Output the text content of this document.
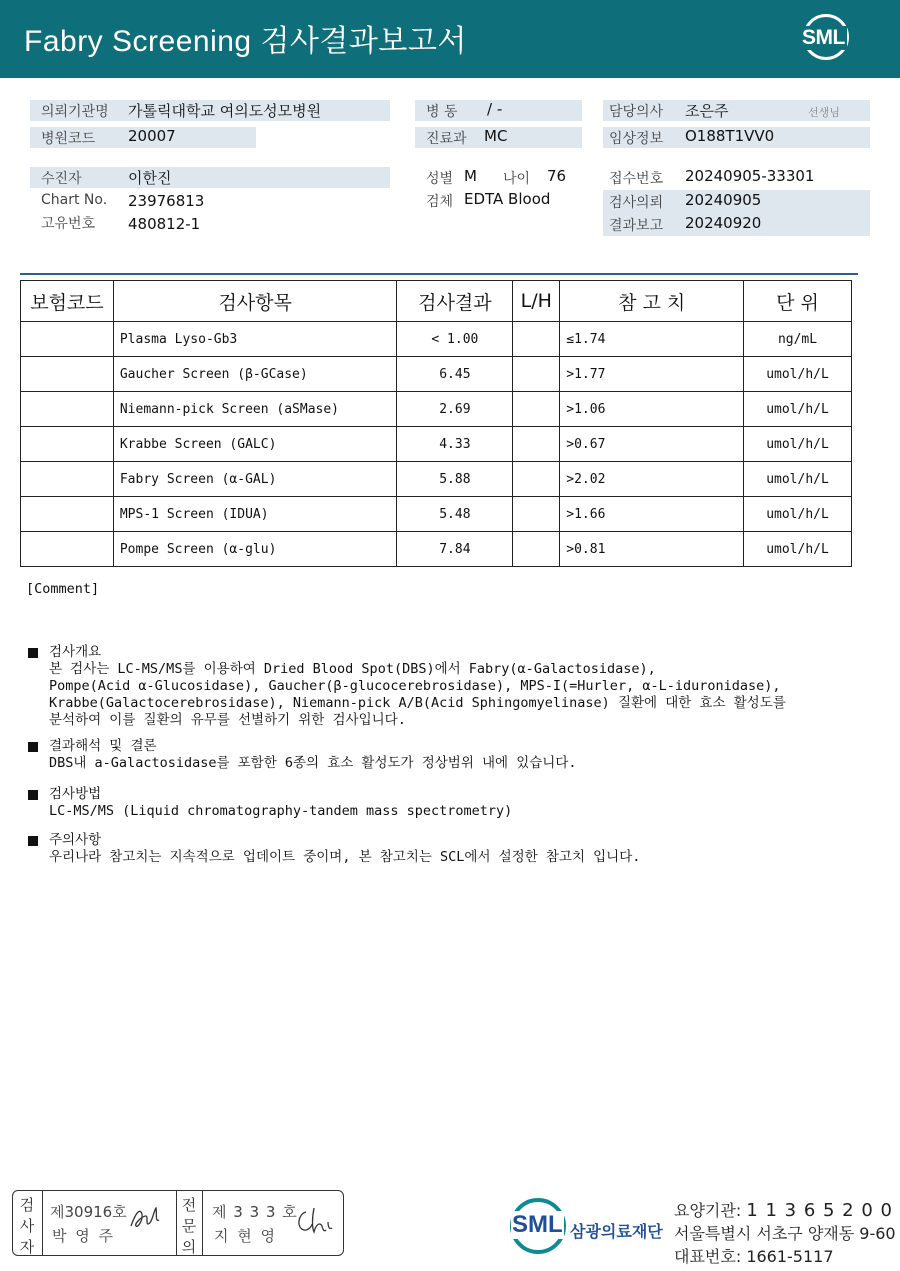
Fabry Screening 검사결과보고서	SML
의뢰기관명 가톨릭대학교 여의도성모병원
병원코드 20007
수진자	이한진
Chart No. 23976813
고유번호 480812-1
병 동 / -
진료과 MC
성별 M 나이 76
검체 EDTA Blood
담당의사 조은주	선생님
임상정보 O188T1VV0
접수번호 20240905-33301
검사의뢰 20240905
결과보고 20240920
보험코드	검사항목	검사결과	L/H	참 고 치	단 위
	Plasma Lyso-Gb3	< 1.00		≤1.74	ng/mL
	Gaucher Screen (β-GCase)	6.45		>1.77	umol/h/L
	Niemann-pick Screen (aSMase)	2.69		>1.06	umol/h/L
	Krabbe Screen (GALC)	4.33		>0.67	umol/h/L
	Fabry Screen (α-GAL)	5.88		>2.02	umol/h/L
	MPS-1 Screen (IDUA)	5.48		>1.66	umol/h/L
	Pompe Screen (α-glu)	7.84		>0.81	umol/h/L
[Comment]
검사개요
본 검사는 LC-MS/MS를 이용하여 Dried Blood Spot(DBS)에서 Fabry(α-Galactosidase),
Pompe(Acid α-Glucosidase), Gaucher(β-glucocerebrosidase), MPS-I(=Hurler, α-L-iduronidase),
Krabbe(Galactocerebrosidase), Niemann-pick A/B(Acid Sphingomyelinase) 질환에 대한 효소 활성도를
분석하여 이를 질환의 유무를 선별하기 위한 검사입니다.
결과해석 및 결론
DBS내 a-Galactosidase를 포함한 6종의 효소 활성도가 정상범위 내에 있습니다.
검사방법
LC-MS/MS (Liquid chromatography-tandem mass spectrometry)
주의사항
우리나라 참고치는 지속적으로 업데이트 중이며, 본 참고치는 SCL에서 설정한 참고치 입니다.
검
사
자
제30916호
박 영 주
전
문
의
제 3 3 3 호
지 현 영	SML 삼광의료재단
요양기관: 1 1 3 6 5 2 0 0
서울특별시 서초구 양재동 9-60
대표번호: 1661-5117
